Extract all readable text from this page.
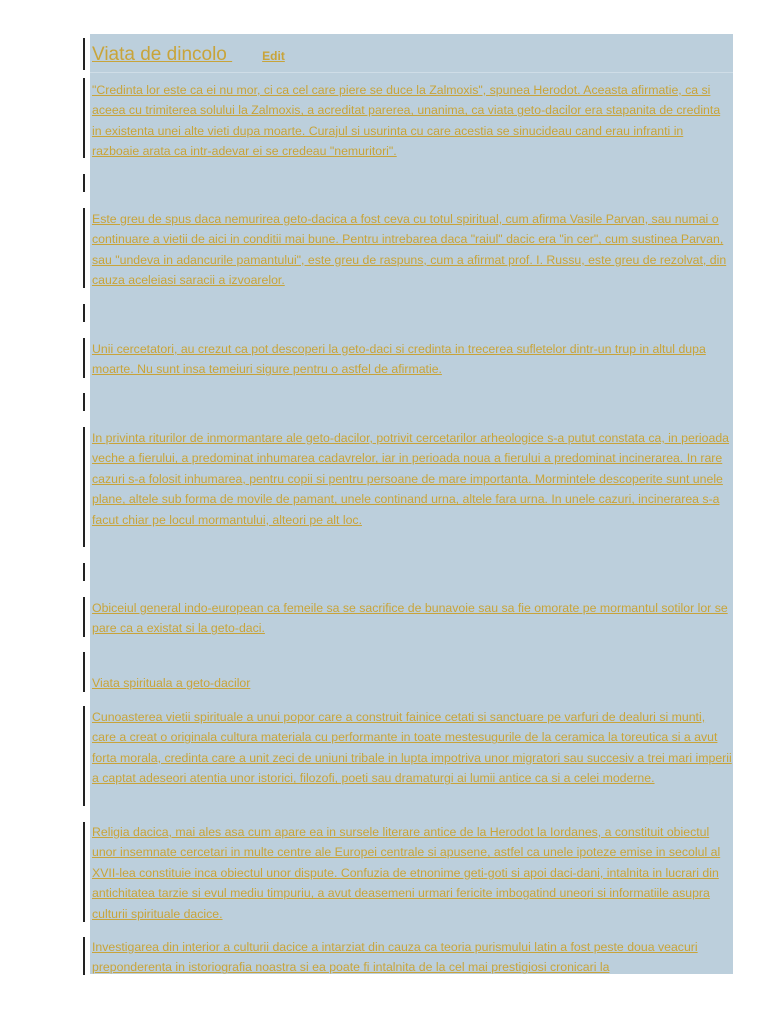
Viata de dincolo	Edit

"Credinta lor este ca ei nu mor, ci ca cel care piere se duce la Zalmoxis", spunea Herodot. Aceasta afirmatie, ca si aceea cu trimiterea solului la Zalmoxis, a acreditat parerea, unanima, ca viata geto-dacilor era stapanita de credinta in existenta unei alte vieti dupa moarte. Curajul si usurinta cu care acestia se sinucideau cand erau infranti in razboaie arata ca intr-adevar ei se credeau "nemuritori".

Este greu de spus daca nemurirea geto-dacica a fost ceva cu totul spiritual, cum afirma Vasile Parvan, sau numai o continuare a vietii de aici in conditii mai bune. Pentru intrebarea daca "raiul" dacic era "in cer", cum sustinea Parvan, sau "undeva in adancurile pamantului", este greu de raspuns, cum a afirmat prof. I. Russu, este greu de rezolvat, din cauza aceleiasi saracii a izvoarelor.

Unii cercetatori, au crezut ca pot descoperi la geto-daci si credinta in trecerea sufletelor dintr-un trup in altul dupa moarte. Nu sunt insa temeiuri sigure pentru o astfel de afirmatie.

In privinta riturilor de inmormantare ale geto-dacilor, potrivit cercetarilor arheologice s-a putut constata ca, in perioada veche a fierului, a predominat inhumarea cadavrelor, iar in perioada noua a fierului a predominat incinerarea. In rare cazuri s-a folosit inhumarea, pentru copii si pentru persoane de mare importanta. Mormintele descoperite sunt unele plane, altele sub forma de movile de pamant, unele continand urna, altele fara urna. In unele cazuri, incinerarea s-a facut chiar pe locul mormantului, alteori pe alt loc.

Obiceiul general indo-european ca femeile sa se sacrifice de bunavoie sau sa fie omorate pe mormantul sotilor lor se pare ca a existat si la geto-daci.

Viata spirituala a geto-dacilor

Cunoasterea vietii spirituale a unui popor care a construit fainice cetati si sanctuare pe varfuri de dealuri si munti, care a creat o originala cultura materiala cu performante in toate mestesugurile de la ceramica la toreutica si a avut forta morala, credinta care a unit zeci de uniuni tribale in lupta impotriva unor migratori sau succesiv a trei mari imperii a captat adeseori atentia unor istorici, filozofi, poeti sau dramaturgi ai lumii antice ca si a celei moderne.

Religia dacica, mai ales asa cum apare ea in sursele literare antice de la Herodot la Iordanes, a constituit obiectul unor insemnate cercetari in multe centre ale Europei centrale si apusene, astfel ca unele ipoteze emise in secolul al XVII-lea constituie inca obiectul unor dispute. Confuzia de etnonime geti-goti si apoi daci-dani, intalnita in lucrari din antichitatea tarzie si evul mediu timpuriu, a avut deasemeni urmari fericite imbogatind uneori si informatiile asupra culturii spirituale dacice.

Investigarea din interior a culturii dacice a intarziat din cauza ca teoria purismului latin a fost peste doua veacuri preponderenta in istoriografia noastra si ea poate fi intalnita de la cel mai prestigiosi cronicari la
